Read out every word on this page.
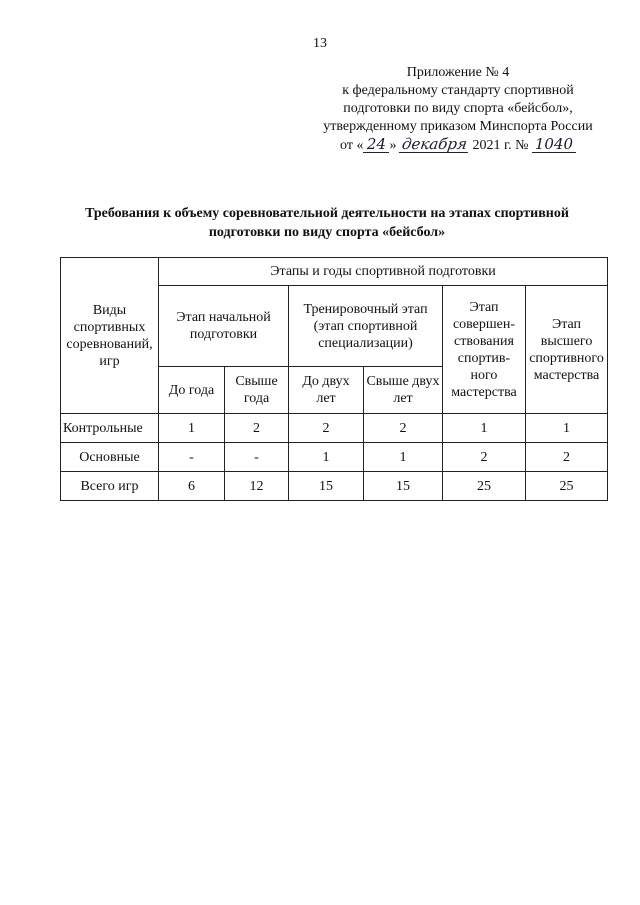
13
Приложение № 4
к федеральному стандарту спортивной
подготовки по виду спорта «бейсбол»,
утвержденному приказом Минспорта России
от « 24 » декабря 2021 г. № 1040
Требования к объему соревновательной деятельности на этапах спортивной
подготовки по виду спорта «бейсбол»
Виды спортивных соревнований, игр	Этапы и годы спортивной подготовки					
	Этап начальной подготовки		Тренировочный этап (этап спортивной специализации)		Этап совершен-ствования спортив-ного мастерства	Этап высшего спортивного мастерства
	До года	Свыше года	До двух лет	Свыше двух лет		
Контрольные	1	2	2	2	1	1
Основные	-	-	1	1	2	2
Всего игр	6	12	15	15	25	25
